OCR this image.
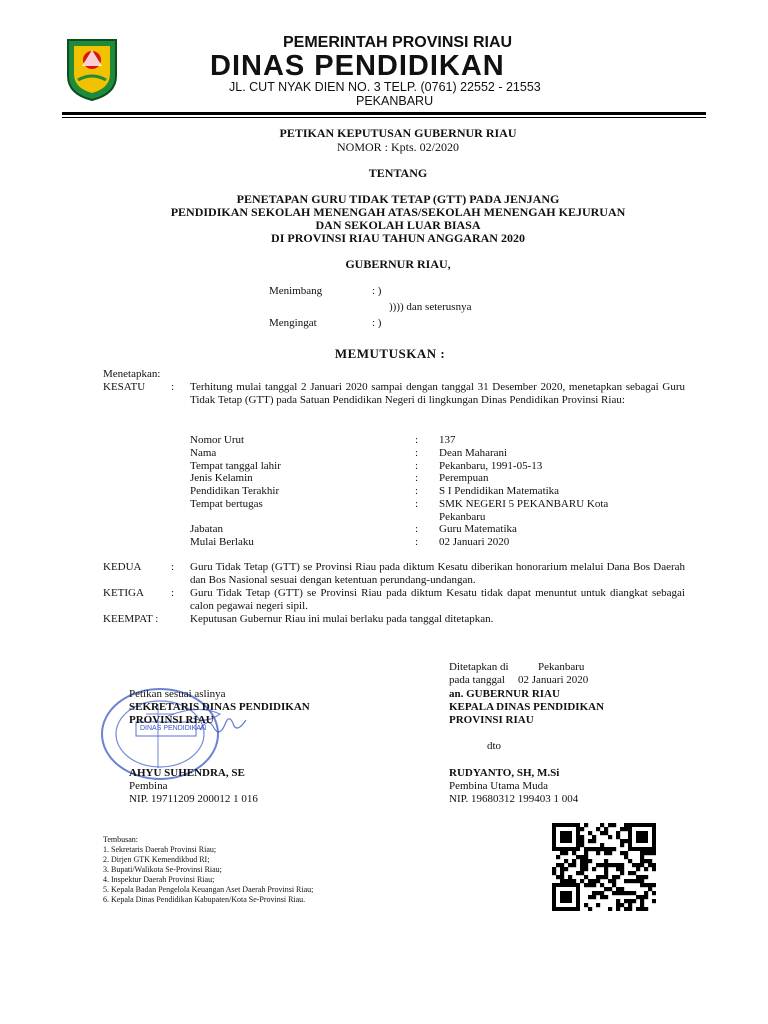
PEMERINTAH PROVINSI RIAU
DINAS PENDIDIKAN
JL. CUT NYAK DIEN NO. 3 TELP. (0761) 22552 - 21553
PEKANBARU
PETIKAN KEPUTUSAN GUBERNUR RIAU
NOMOR : Kpts. 02/2020
TENTANG
PENETAPAN GURU TIDAK TETAP (GTT) PADA JENJANG
PENDIDIKAN SEKOLAH MENENGAH ATAS/SEKOLAH MENENGAH KEJURUAN
DAN SEKOLAH LUAR BIASA
DI PROVINSI RIAU TAHUN ANGGARAN 2020
GUBERNUR RIAU,
Menimbang	: )
)))) dan seterusnya
Mengingat	: )
MEMUTUSKAN :
Menetapkan:
KESATU : Terhitung mulai tanggal 2 Januari 2020 sampai dengan tanggal 31 Desember 2020, menetapkan sebagai Guru Tidak Tetap (GTT) pada Satuan Pendidikan Negeri di lingkungan Dinas Pendidikan Provinsi Riau:
Nomor Urut	: 137
Nama	: Dean Maharani
Tempat tanggal lahir	: Pekanbaru, 1991-05-13
Jenis Kelamin	: Perempuan
Pendidikan Terakhir	: S I Pendidikan Matematika
Tempat bertugas	: SMK NEGERI 5 PEKANBARU Kota
Pekanbaru
Jabatan	: Guru Matematika
Mulai Berlaku	: 02 Januari 2020
KEDUA	: Guru Tidak Tetap (GTT) se Provinsi Riau pada diktum Kesatu diberikan honorarium melalui Dana Bos Daerah dan Bos Nasional sesuai dengan ketentuan perundang-undangan.
KETIGA : Guru Tidak Tetap (GTT) se Provinsi Riau pada diktum Kesatu tidak dapat menuntut untuk diangkat sebagai calon pegawai negeri sipil.
KEEMPAT :	Keputusan Gubernur Riau ini mulai berlaku pada tanggal ditetapkan.
Ditetapkan di	Pekanbaru
pada tanggal 02 Januari 2020
an. GUBERNUR RIAU
KEPALA DINAS PENDIDIKAN
PROVINSI RIAU
dto
RUDYANTO, SH, M.Si
Pembina Utama Muda
NIP. 19680312 199403 1 004
DINAS PENDIDIKAN
Petikan sesuai aslinya
SEKRETARIS DINAS PENDIDIKAN
PROVINSI RIAU
AHYU SUHENDRA, SE
Pembina
NIP. 19711209 200012 1 016
Tembusan:
1. Sekretaris Daerah Provinsi Riau;
2. Dirjen GTK Kemendikbud RI;
3. Bupati/Walikota Se-Provinsi Riau;
4. Inspektur Daerah Provinsi Riau;
5. Kepala Badan Pengelola Keuangan Aset Daerah Provinsi Riau;
6. Kepala Dinas Pendidikan Kabupaten/Kota Se-Provinsi Riau.
